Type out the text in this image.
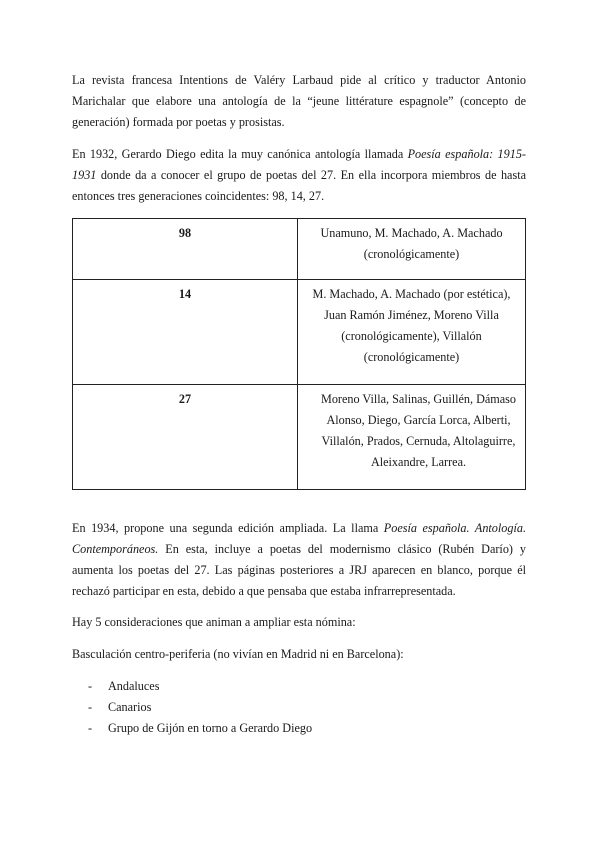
La revista francesa Intentions de Valéry Larbaud pide al crítico y traductor Antonio Marichalar que elabore una antología de la “jeune littérature espagnole” (concepto de generación) formada por poetas y prosistas.

En 1932, Gerardo Diego edita la muy canónica antología llamada Poesía española: 1915-1931 donde da a conocer el grupo de poetas del 27. En ella incorpora miembros de hasta entonces tres generaciones coincidentes: 98, 14, 27.

98	Unamuno, M. Machado, A. Machado (cronológicamente)
14	M. Machado, A. Machado (por estética), Juan Ramón Jiménez, Moreno Villa (cronológicamente), Villalón (cronológicamente)
27	Moreno Villa, Salinas, Guillén, Dámaso Alonso, Diego, García Lorca, Alberti, Villalón, Prados, Cernuda, Altolaguirre, Aleixandre, Larrea.

En 1934, propone una segunda edición ampliada. La llama Poesía española. Antología. Contemporáneos. En esta, incluye a poetas del modernismo clásico (Rubén Darío) y aumenta los poetas del 27. Las páginas posteriores a JRJ aparecen en blanco, porque él rechazó participar en esta, debido a que pensaba que estaba infrarrepresentada.

Hay 5 consideraciones que animan a ampliar esta nómina:

Basculación centro-periferia (no vivían en Madrid ni en Barcelona):

- Andaluces
- Canarios
- Grupo de Gijón en torno a Gerardo Diego
